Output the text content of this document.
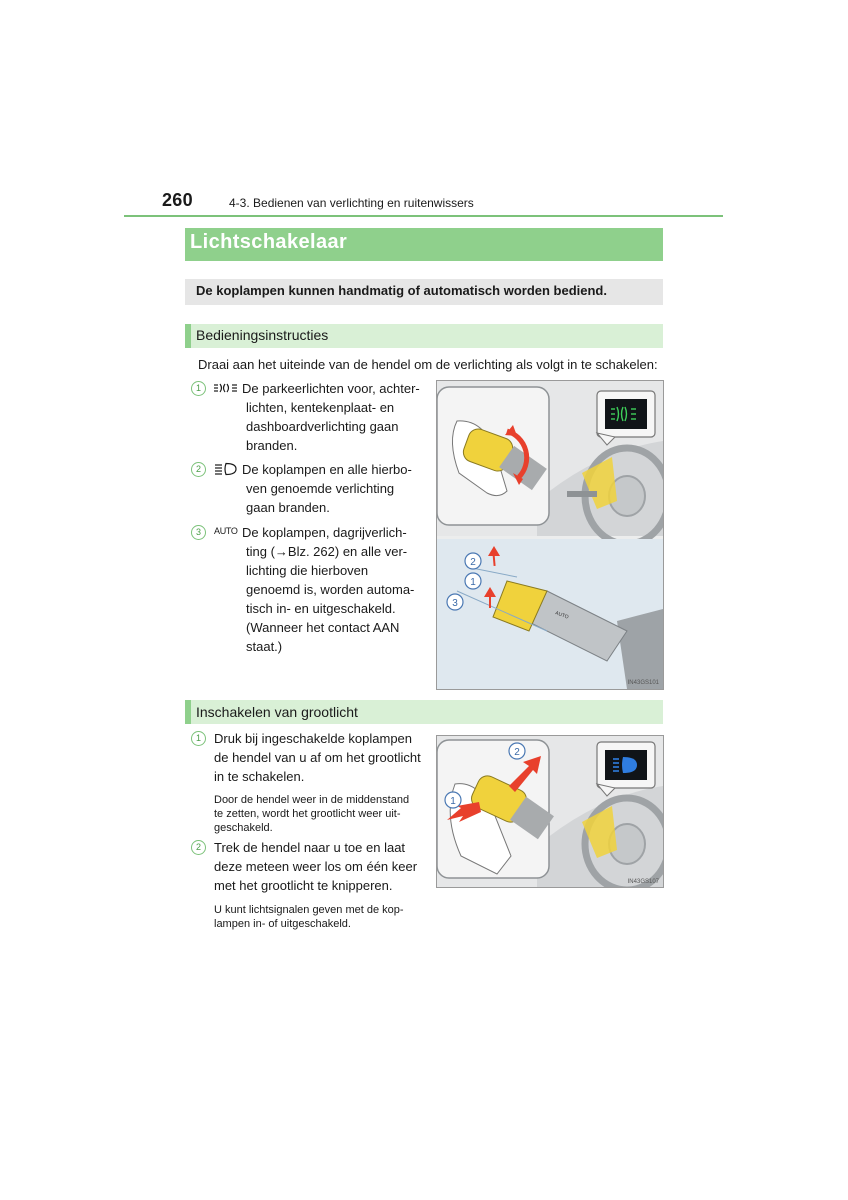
260	4-3. Bedienen van verlichting en ruitenwissers
Lichtschakelaar
De koplampen kunnen handmatig of automatisch worden bediend.
Bedieningsinstructies
Draai aan het uiteinde van de hendel om de verlichting als volgt in te schakelen:
1	De parkeerlichten voor, achter-
lichten, kentekenplaat- en
dashboardverlichting gaan
branden.
2	De koplampen en alle hierbo-
ven genoemde verlichting
gaan branden.
3	AUTO De koplampen, dagrijverlich-
ting (→Blz. 262) en alle ver-
lichting die hierboven
genoemd is, worden automa-
tisch in- en uitgeschakeld.
(Wanneer het contact AAN
staat.)
2
1
3
AUTO
IN43GS101
Inschakelen van grootlicht
1	Druk bij ingeschakelde koplampen
de hendel van u af om het grootlicht
in te schakelen.
Door de hendel weer in de middenstand
te zetten, wordt het grootlicht weer uit-
geschakeld.
2	Trek de hendel naar u toe en laat
deze meteen weer los om één keer
met het grootlicht te knipperen.
U kunt lichtsignalen geven met de kop-
lampen in- of uitgeschakeld.
1
2
IN43GS107
